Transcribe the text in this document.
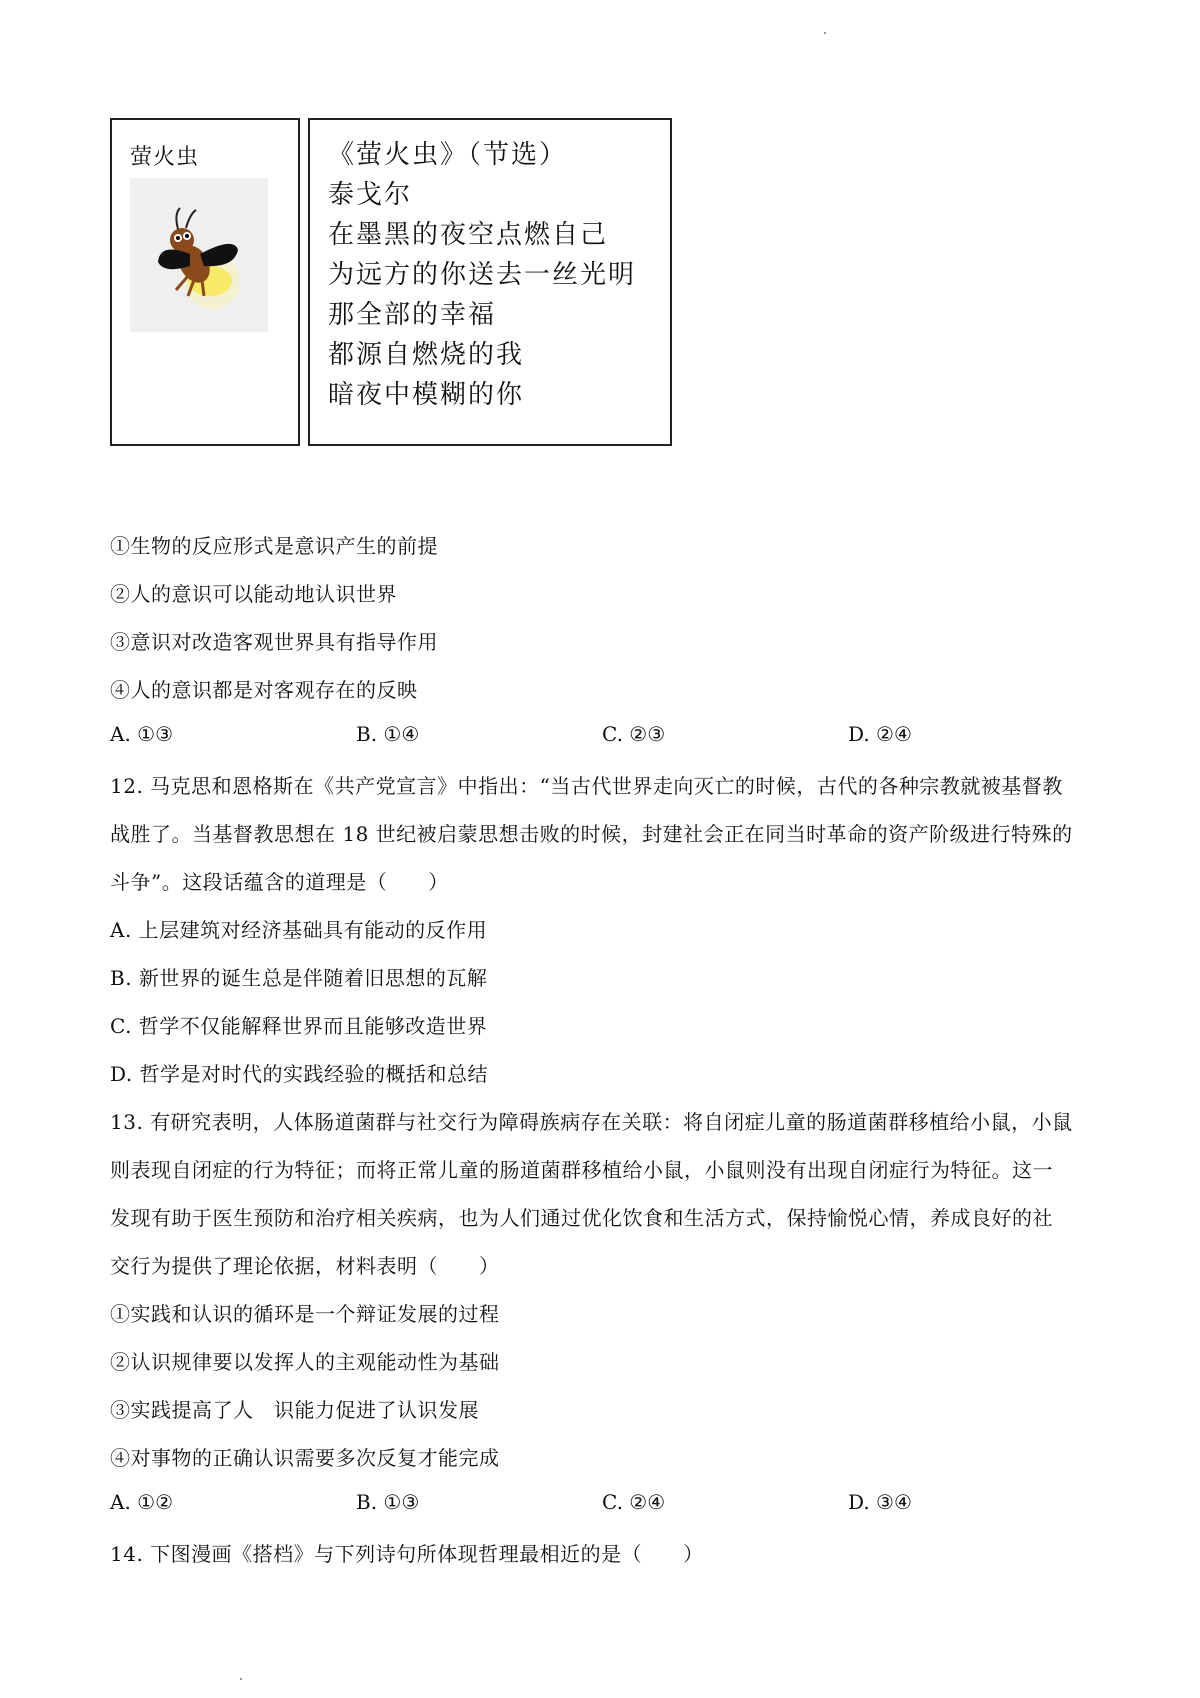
萤火虫	《萤火虫》（节选）
泰戈尔
在墨黑的夜空点燃自己
为远方的你送去一丝光明
那全部的幸福
都源自燃烧的我
暗夜中模糊的你
①生物的反应形式是意识产生的前提
②人的意识可以能动地认识世界
③意识对改造客观世界具有指导作用
④人的意识都是对客观存在的反映
A. ①③	B. ①④	C. ②③	D. ②④
12. 马克思和恩格斯在《共产党宣言》中指出：“当古代世界走向灭亡的时候，古代的各种宗教就被基督教
战胜了。当基督教思想在 18 世纪被启蒙思想击败的时候，封建社会正在同当时革命的资产阶级进行特殊的
斗争”。这段话蕴含的道理是（　　）
A. 上层建筑对经济基础具有能动的反作用
B. 新世界的诞生总是伴随着旧思想的瓦解
C. 哲学不仅能解释世界而且能够改造世界
D. 哲学是对时代的实践经验的概括和总结
13. 有研究表明，人体肠道菌群与社交行为障碍族病存在关联：将自闭症儿童的肠道菌群移植给小鼠，小鼠
则表现自闭症的行为特征；而将正常儿童的肠道菌群移植给小鼠，小鼠则没有出现自闭症行为特征。这一
发现有助于医生预防和治疗相关疾病，也为人们通过优化饮食和生活方式，保持愉悦心情，养成良好的社
交行为提供了理论依据，材料表明（　　）
①实践和认识的循环是一个辩证发展的过程
②认识规律要以发挥人的主观能动性为基础
③实践提高了人　识能力促进了认识发展
④对事物的正确认识需要多次反复才能完成
A. ①②	B. ①③	C. ②④	D. ③④
14. 下图漫画《搭档》与下列诗句所体现哲理最相近的是（　　）
